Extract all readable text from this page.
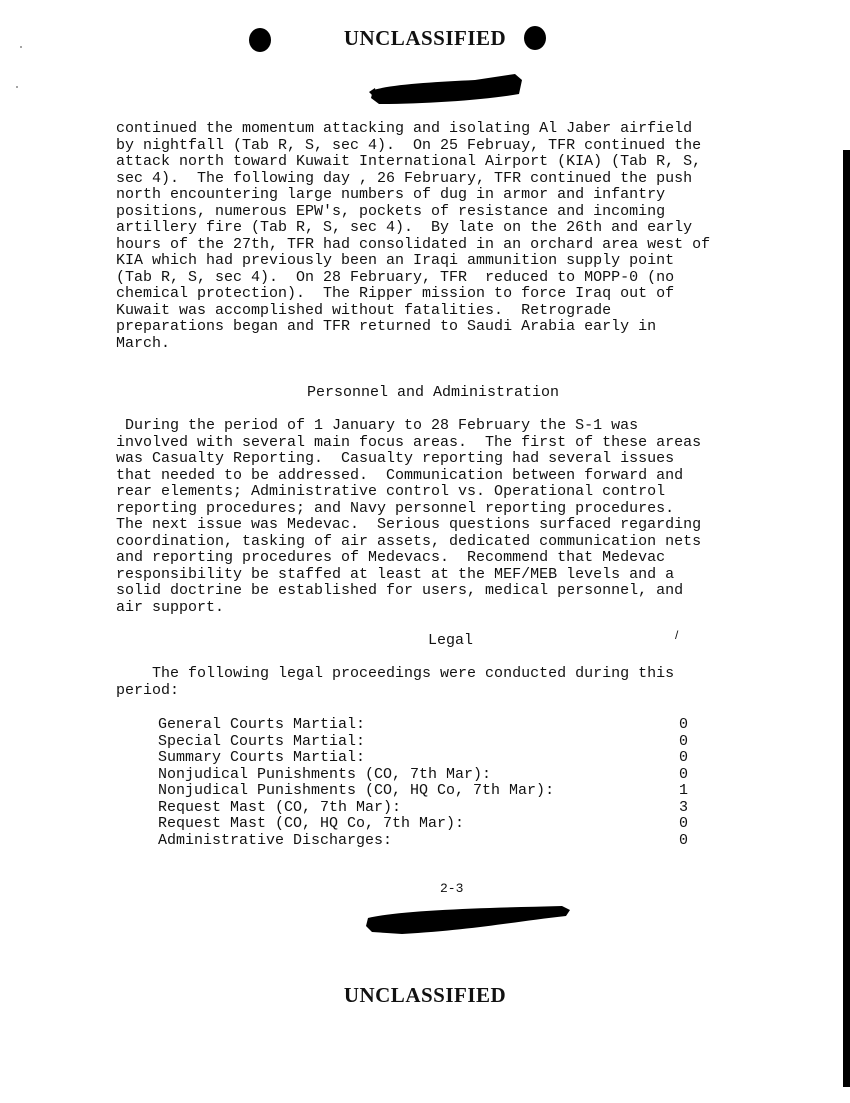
UNCLASSIFIED
continued the momentum attacking and isolating Al Jaber airfield
by nightfall (Tab R, S, sec 4).  On 25 Februay, TFR continued the
attack north toward Kuwait International Airport (KIA) (Tab R, S,
sec 4).  The following day , 26 February, TFR continued the push
north encountering large numbers of dug in armor and infantry
positions, numerous EPW's, pockets of resistance and incoming
artillery fire (Tab R, S, sec 4).  By late on the 26th and early
hours of the 27th, TFR had consolidated in an orchard area west of
KIA which had previously been an Iraqi ammunition supply point
(Tab R, S, sec 4).  On 28 February, TFR  reduced to MOPP-0 (no
chemical protection).  The Ripper mission to force Iraq out of
Kuwait was accomplished without fatalities.  Retrograde
preparations began and TFR returned to Saudi Arabia early in
March.
Personnel and Administration
During the period of 1 January to 28 February the S-1 was
involved with several main focus areas.  The first of these areas
was Casualty Reporting.  Casualty reporting had several issues
that needed to be addressed.  Communication between forward and
rear elements; Administrative control vs. Operational control
reporting procedures; and Navy personnel reporting procedures.
The next issue was Medevac.  Serious questions surfaced regarding
coordination, tasking of air assets, dedicated communication nets
and reporting procedures of Medevacs.  Recommend that Medevac
responsibility be staffed at least at the MEF/MEB levels and a
solid doctrine be established for users, medical personnel, and
air support.
Legal	/
The following legal proceedings were conducted during this
period:

General Courts Martial:

	0

Special Courts Martial:

	0

Summary Courts Martial:

	0

Nonjudical Punishments (CO, 7th Mar):

	0

Nonjudical Punishments (CO, HQ Co, 7th Mar):

	1

Request Mast (CO, 7th Mar):

	3

Request Mast (CO, HQ Co, 7th Mar):

	0

Administrative Discharges:

	0

2-3
UNCLASSIFIED
